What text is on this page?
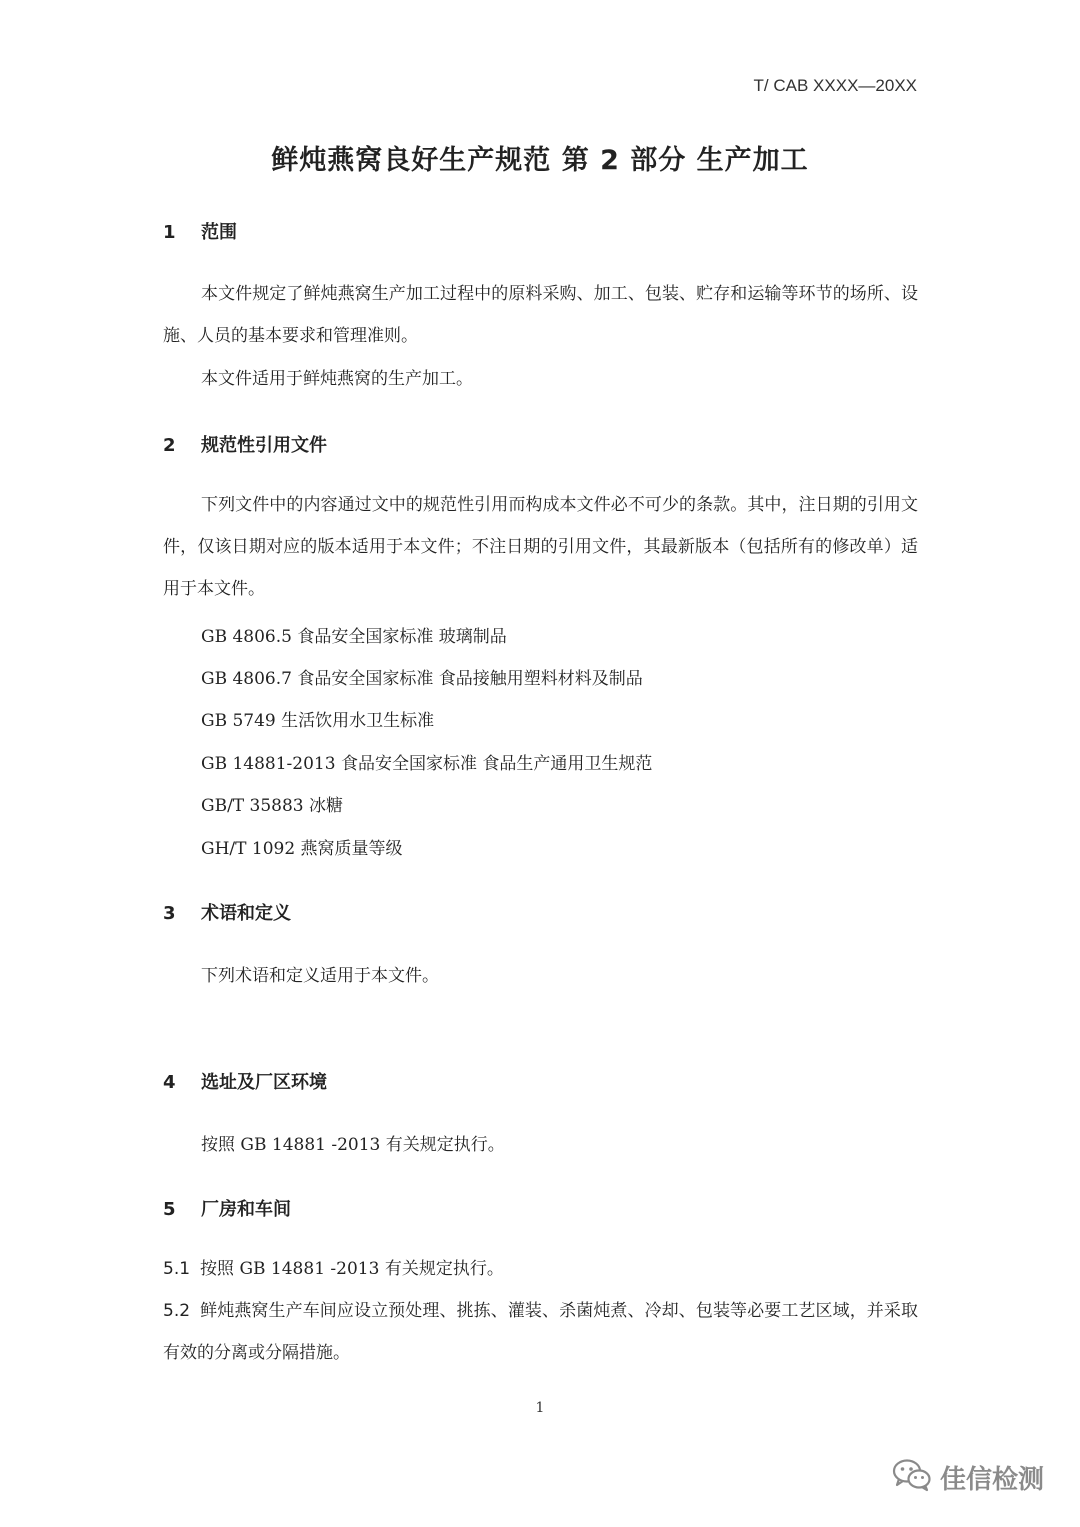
T/ CAB XXXX—20XX
鲜炖燕窝良好生产规范 第 2 部分 生产加工
1 范围

本文件规定了鲜炖燕窝生产加工过程中的原料采购、加工、包装、贮存和运输等环节的场所、设施、人员的基本要求和管理准则。

本文件适用于鲜炖燕窝的生产加工。

2 规范性引用文件

下列文件中的内容通过文中的规范性引用而构成本文件必不可少的条款。其中，注日期的引用文件，仅该日期对应的版本适用于本文件；不注日期的引用文件，其最新版本（包括所有的修改单）适用于本文件。

GB 4806.5 食品安全国家标准 玻璃制品
GB 4806.7 食品安全国家标准 食品接触用塑料材料及制品
GB 5749 生活饮用水卫生标准
GB 14881-2013 食品安全国家标准 食品生产通用卫生规范
GB/T 35883 冰糖
GH/T 1092 燕窝质量等级
3 术语和定义
下列术语和定义适用于本文件。
4 选址及厂区环境
按照 GB 14881 -2013 有关规定执行。
5 厂房和车间

5.1 按照 GB 14881 -2013 有关规定执行。

5.2 鲜炖燕窝生产车间应设立预处理、挑拣、灌装、杀菌炖煮、冷却、包装等必要工艺区域，并采取有效的分离或分隔措施。

1
佳信检测
